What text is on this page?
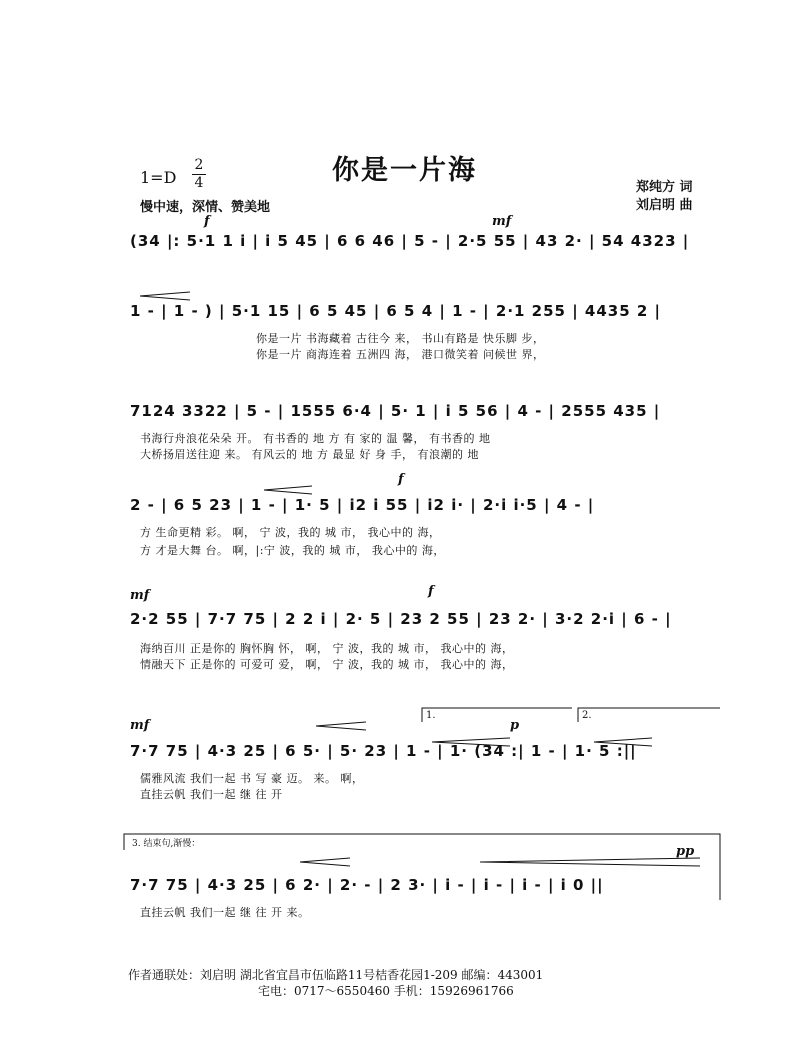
你是一片海
1=D
2
4
慢中速，深情、赞美地
郑纯方 词
刘启明 曲
f	mf
(34 |: 5·1 1 i | i 5 45 | 6 6 46 | 5 - | 2·5 55 | 43 2· | 54 4323 |
1 - | 1 - ) | 5·1 15 | 6 5 45 | 6 5 4 | 1 - | 2·1 255 | 4435 2 |
你是一片 书海藏着 古往今 来， 书山有路是 快乐脚 步，
你是一片 商海连着 五洲四 海， 港口微笑着 问候世 界，
7124 3322 | 5 - | 1555 6·4 | 5· 1 | i 5 56 | 4 - | 2555 435 |
书海行舟浪花朵朵 开。 有书香的 地 方 有 家的 温 馨， 有书香的 地
大桥扬眉送往迎 来。 有风云的 地 方 最显 好 身 手， 有浪潮的 地
f
2 - | 6 5 23 | 1 - | 1· 5 | i2 i 55 | i2 i· | 2·i i·5 | 4 - |
方 生命更精 彩。 啊， 宁 波，我的 城 市， 我心中的 海，
方 才是大舞 台。 啊，|:宁 波，我的 城 市， 我心中的 海，
mf	f
2·2 55 | 7·7 75 | 2 2 i | 2· 5 | 23 2 55 | 23 2· | 3·2 2·i | 6 - |
海纳百川 正是你的 胸怀胸 怀， 啊， 宁 波，我的 城 市， 我心中的 海，
情融天下 正是你的 可爱可 爱， 啊， 宁 波，我的 城 市， 我心中的 海，
1.	2.
mf	p
7·7 75 | 4·3 25 | 6 5· | 5· 23 | 1 - | 1· (34 :| 1 - | 1· 5 :||
儒雅风流 我们一起 书 写 豪 迈。 来。 啊，
直挂云帆 我们一起 继 往 开
3. 结束句,渐慢：	pp
7·7 75 | 4·3 25 | 6 2· | 2· - | 2 3· | i - | i - | i - | i 0 ||
直挂云帆 我们一起 继 往 开 来。
作者通联处：刘启明 湖北省宜昌市伍临路11号桔香花园1-209 邮编：443001
宅电：0717～6550460 手机：15926961766
